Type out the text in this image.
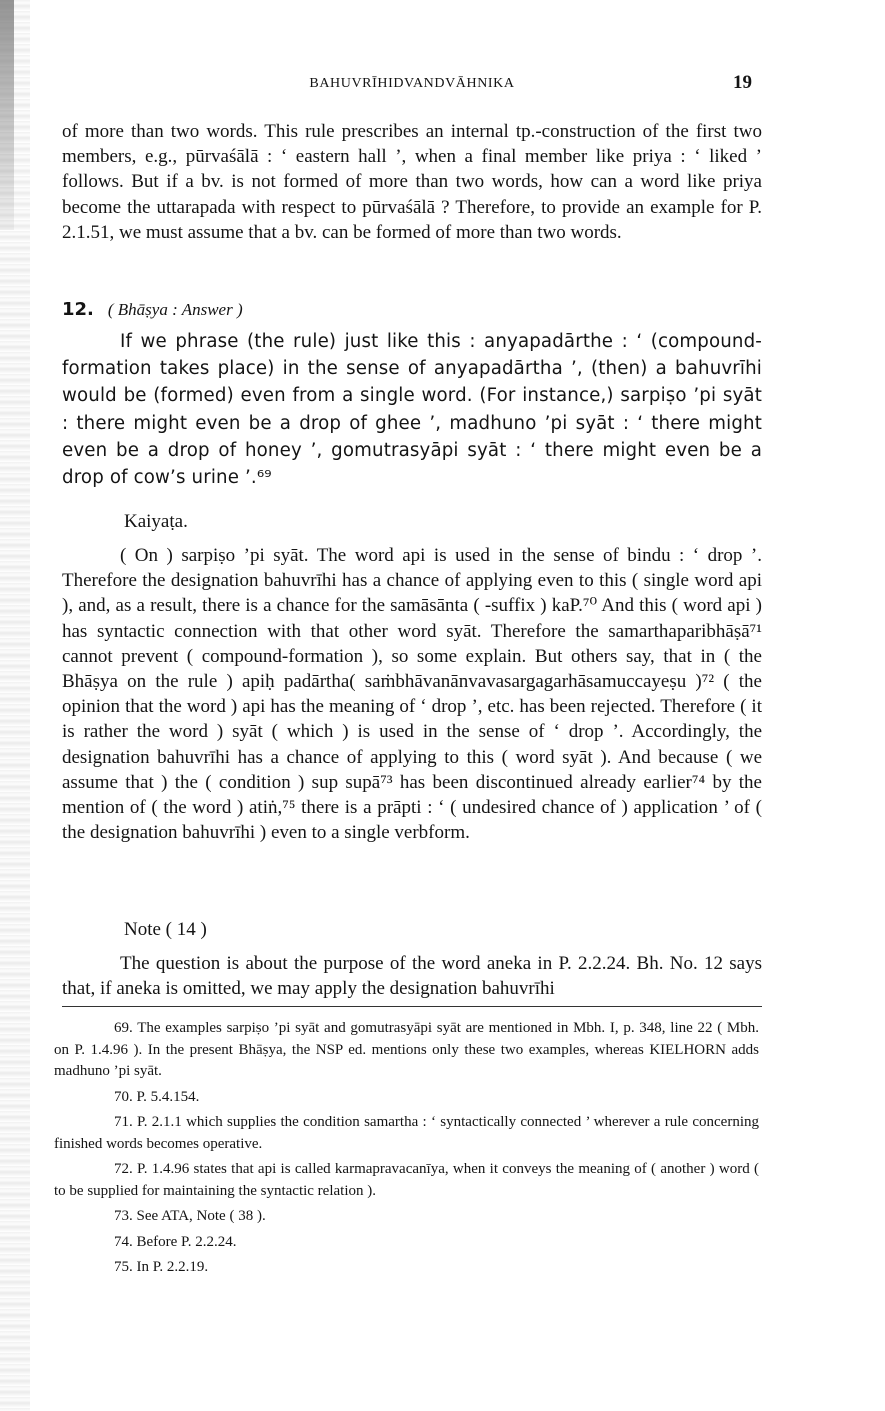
BAHUVRĪHIDVANDVĀHNIKA	19

of more than two words. This rule prescribes an internal tp.-construction of the first two members, e.g., pūrvaśālā : ‘ eastern hall ’, when a final member like priya : ‘ liked ’ follows. But if a bv. is not formed of more than two words, how can a word like priya become the uttarapada with respect to pūrvaśālā ? Therefore, to provide an example for P. 2.1.51, we must assume that a bv. can be formed of more than two words.

12. ( Bhāṣya : Answer )

If we phrase (the rule) just like this : anyapadārthe : ‘ (compound-formation takes place) in the sense of anyapadārtha ’, (then) a bahuvrīhi would be (formed) even from a single word. (For instance,) sarpiṣo ’pi syāt : there might even be a drop of ghee ’, madhuno ’pi syāt : ‘ there might even be a drop of honey ’, gomutrasyāpi syāt : ‘ there might even be a drop of cow’s urine ’.⁶⁹

Kaiyaṭa.

( On ) sarpiṣo ’pi syāt. The word api is used in the sense of bindu : ‘ drop ’. Therefore the designation bahuvrīhi has a chance of applying even to this ( single word api ), and, as a result, there is a chance for the samāsānta ( -suffix ) kaP.⁷⁰ And this ( word api ) has syntactic connection with that other word syāt. Therefore the samarthaparibhāṣā⁷¹ cannot prevent ( compound-formation ), so some explain. But others say, that in ( the Bhāṣya on the rule ) apiḥ padārtha( saṁbhāvanānvavasargagarhāsamuccayeṣu )⁷² ( the opinion that the word ) api has the meaning of ‘ drop ’, etc. has been rejected. Therefore ( it is rather the word ) syāt ( which ) is used in the sense of ‘ drop ’. Accordingly, the designation bahuvrīhi has a chance of applying to this ( word syāt ). And because ( we assume that ) the ( condition ) sup supā⁷³ has been discontinued already earlier⁷⁴ by the mention of ( the word ) atiṅ,⁷⁵ there is a prāpti : ‘ ( undesired chance of ) application ’ of ( the designation bahuvrīhi ) even to a single verbform.

Note ( 14 )

The question is about the purpose of the word aneka in P. 2.2.24. Bh. No. 12 says that, if aneka is omitted, we may apply the designation bahuvrīhi

69. The examples sarpiṣo ’pi syāt and gomutrasyāpi syāt are mentioned in Mbh. I, p. 348, line 22 ( Mbh. on P. 1.4.96 ). In the present Bhāṣya, the NSP ed. mentions only these two examples, whereas KIELHORN adds madhuno ’pi syāt.

70. P. 5.4.154.

71. P. 2.1.1 which supplies the condition samartha : ‘ syntactically connected ’ wherever a rule concerning finished words becomes operative.

72. P. 1.4.96 states that api is called karmapravacanīya, when it conveys the meaning of ( another ) word ( to be supplied for maintaining the syntactic relation ).

73. See ATA, Note ( 38 ).

74. Before P. 2.2.24.

75. In P. 2.2.19.
